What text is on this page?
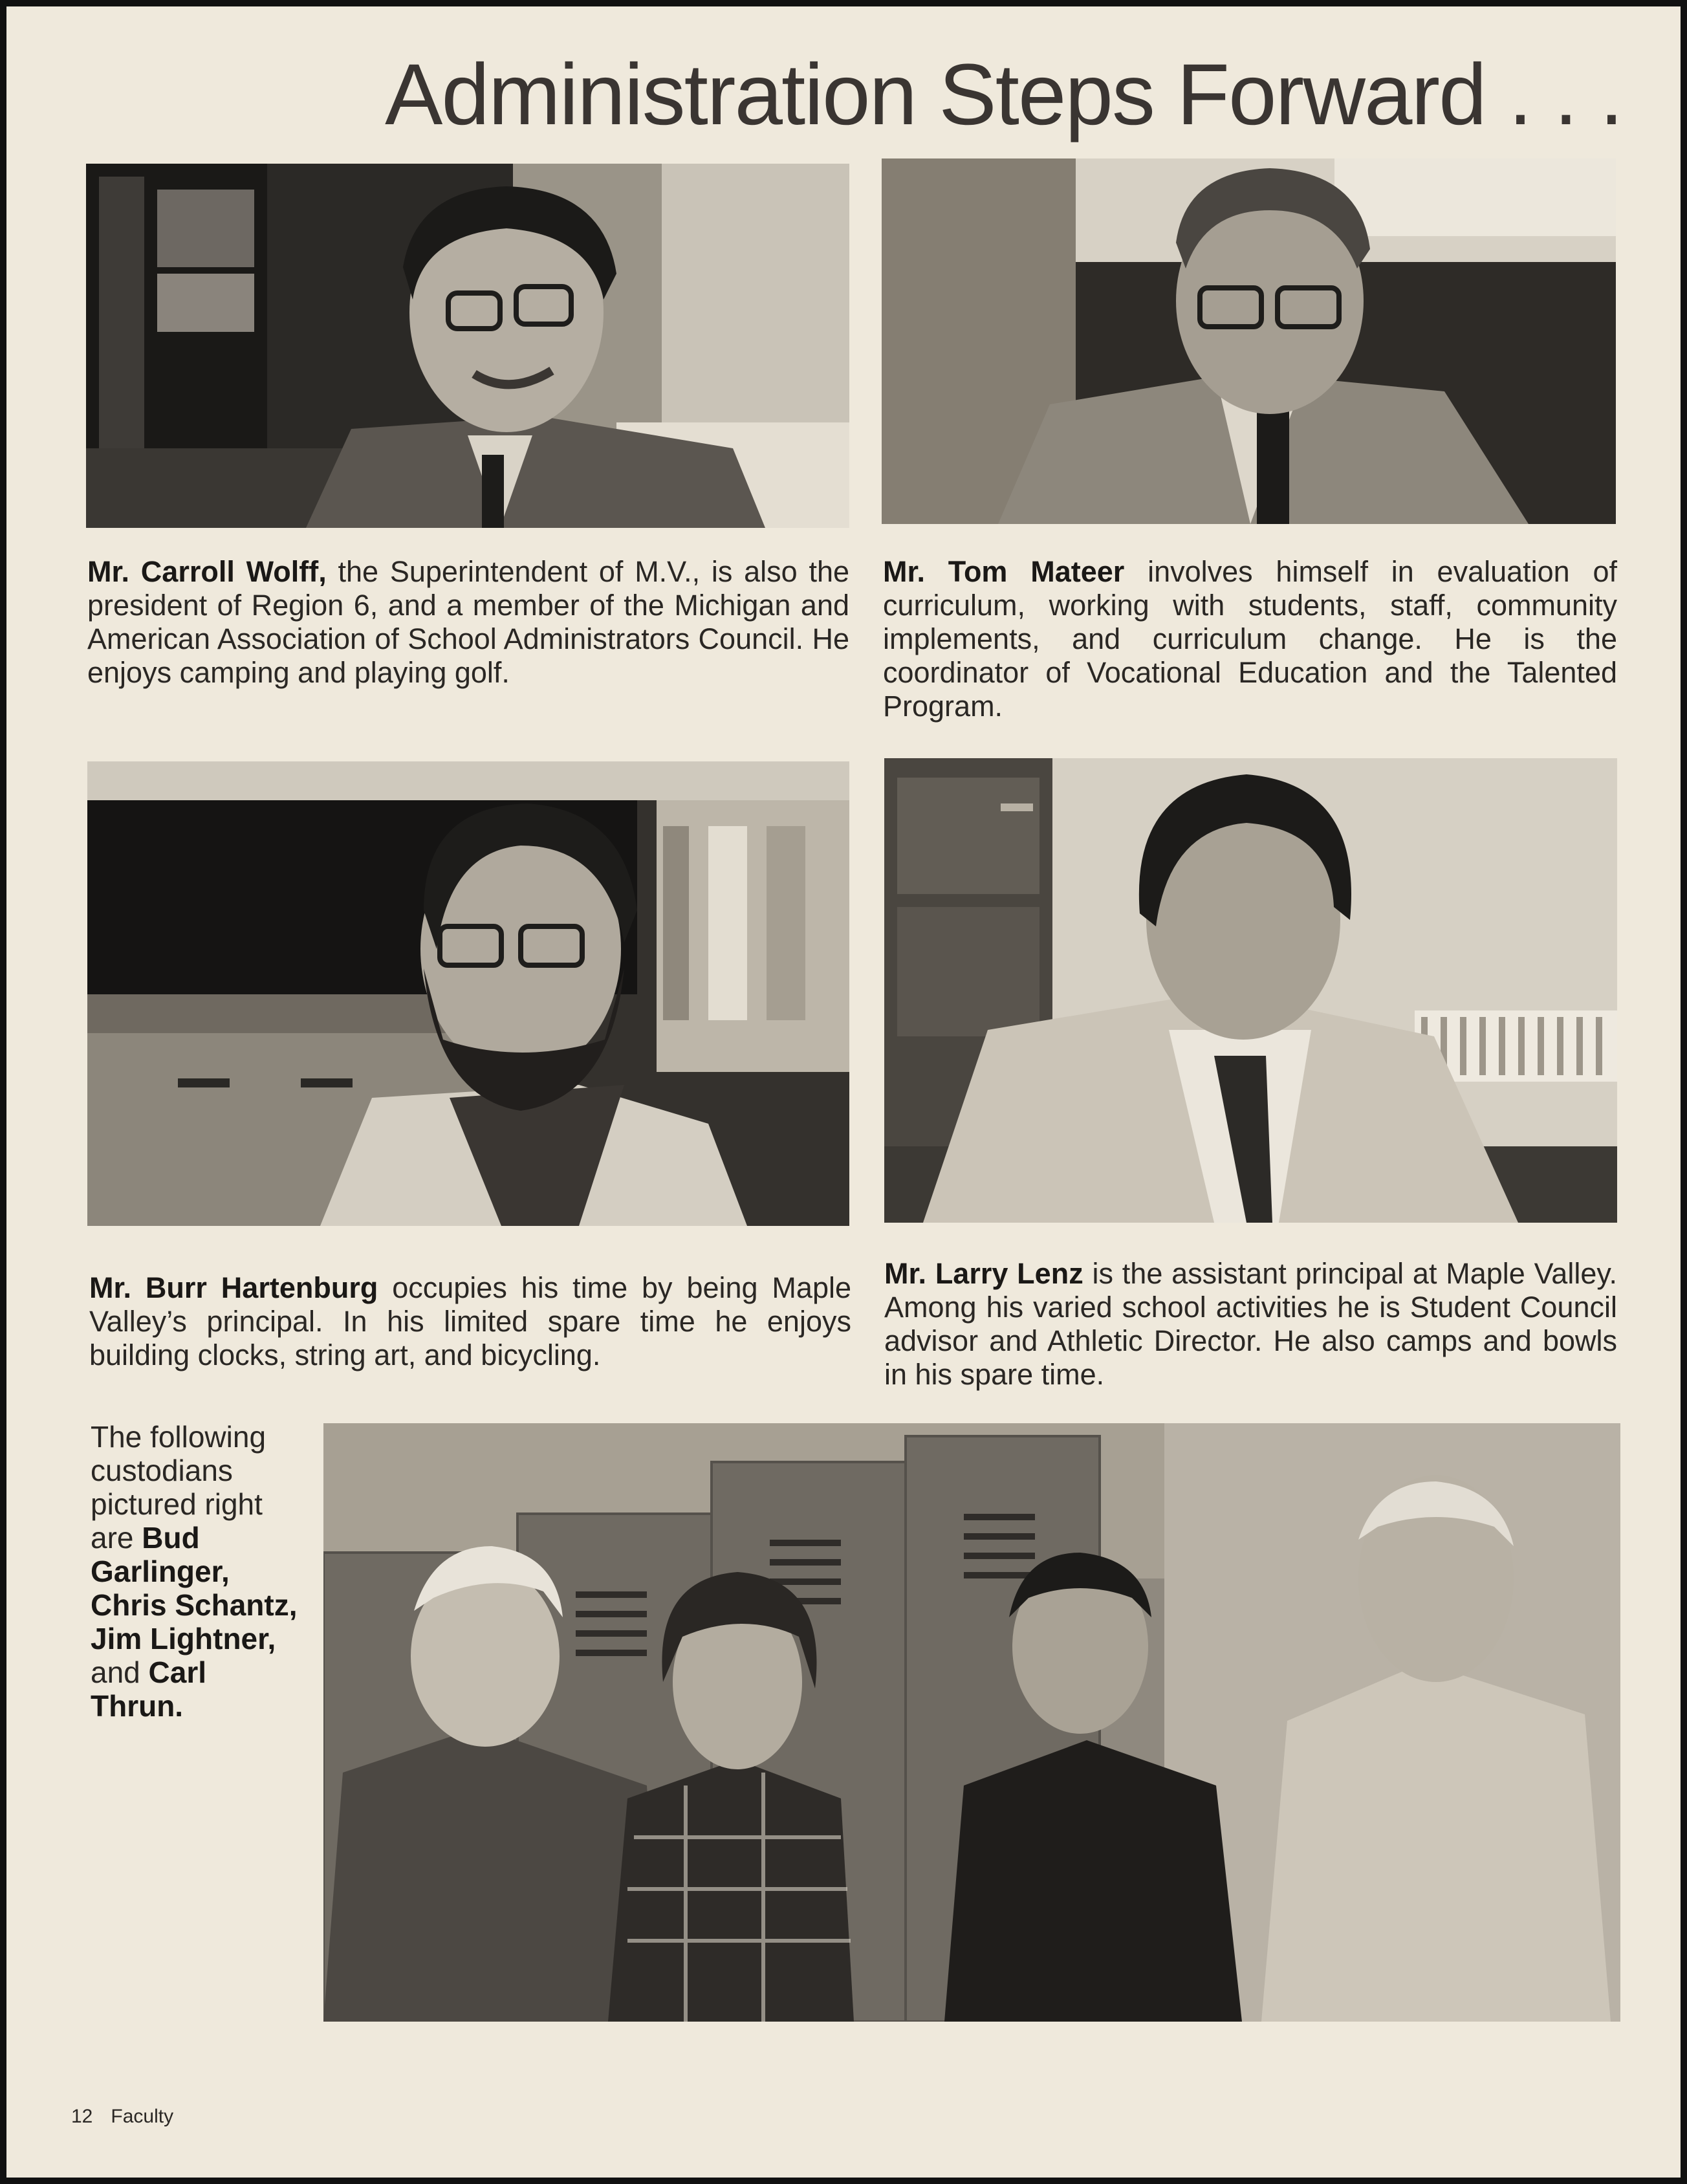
Administration Steps Forward . . .
Mr. Carroll Wolff, the Superintendent of M.V., is also the president of Region 6, and a member of the Michigan and American Association of School Administrators Council. He enjoys camping and playing golf.
Mr. Tom Mateer involves himself in evaluation of curriculum, working with students, staff, community implements, and curriculum change. He is the coordinator of Vocational Education and the Talented Program.
Mr. Burr Hartenburg occupies his time by being Maple Valley’s principal. In his limited spare time he enjoys building clocks, string art, and bicycling.
Mr. Larry Lenz is the assistant principal at Maple Valley. Among his varied school activities he is Student Council advisor and Athletic Director. He also camps and bowls in his spare time.
The following custodians pictured right are Bud Garlinger, Chris Schantz, Jim Lightner, and Carl Thrun.
12 Faculty
